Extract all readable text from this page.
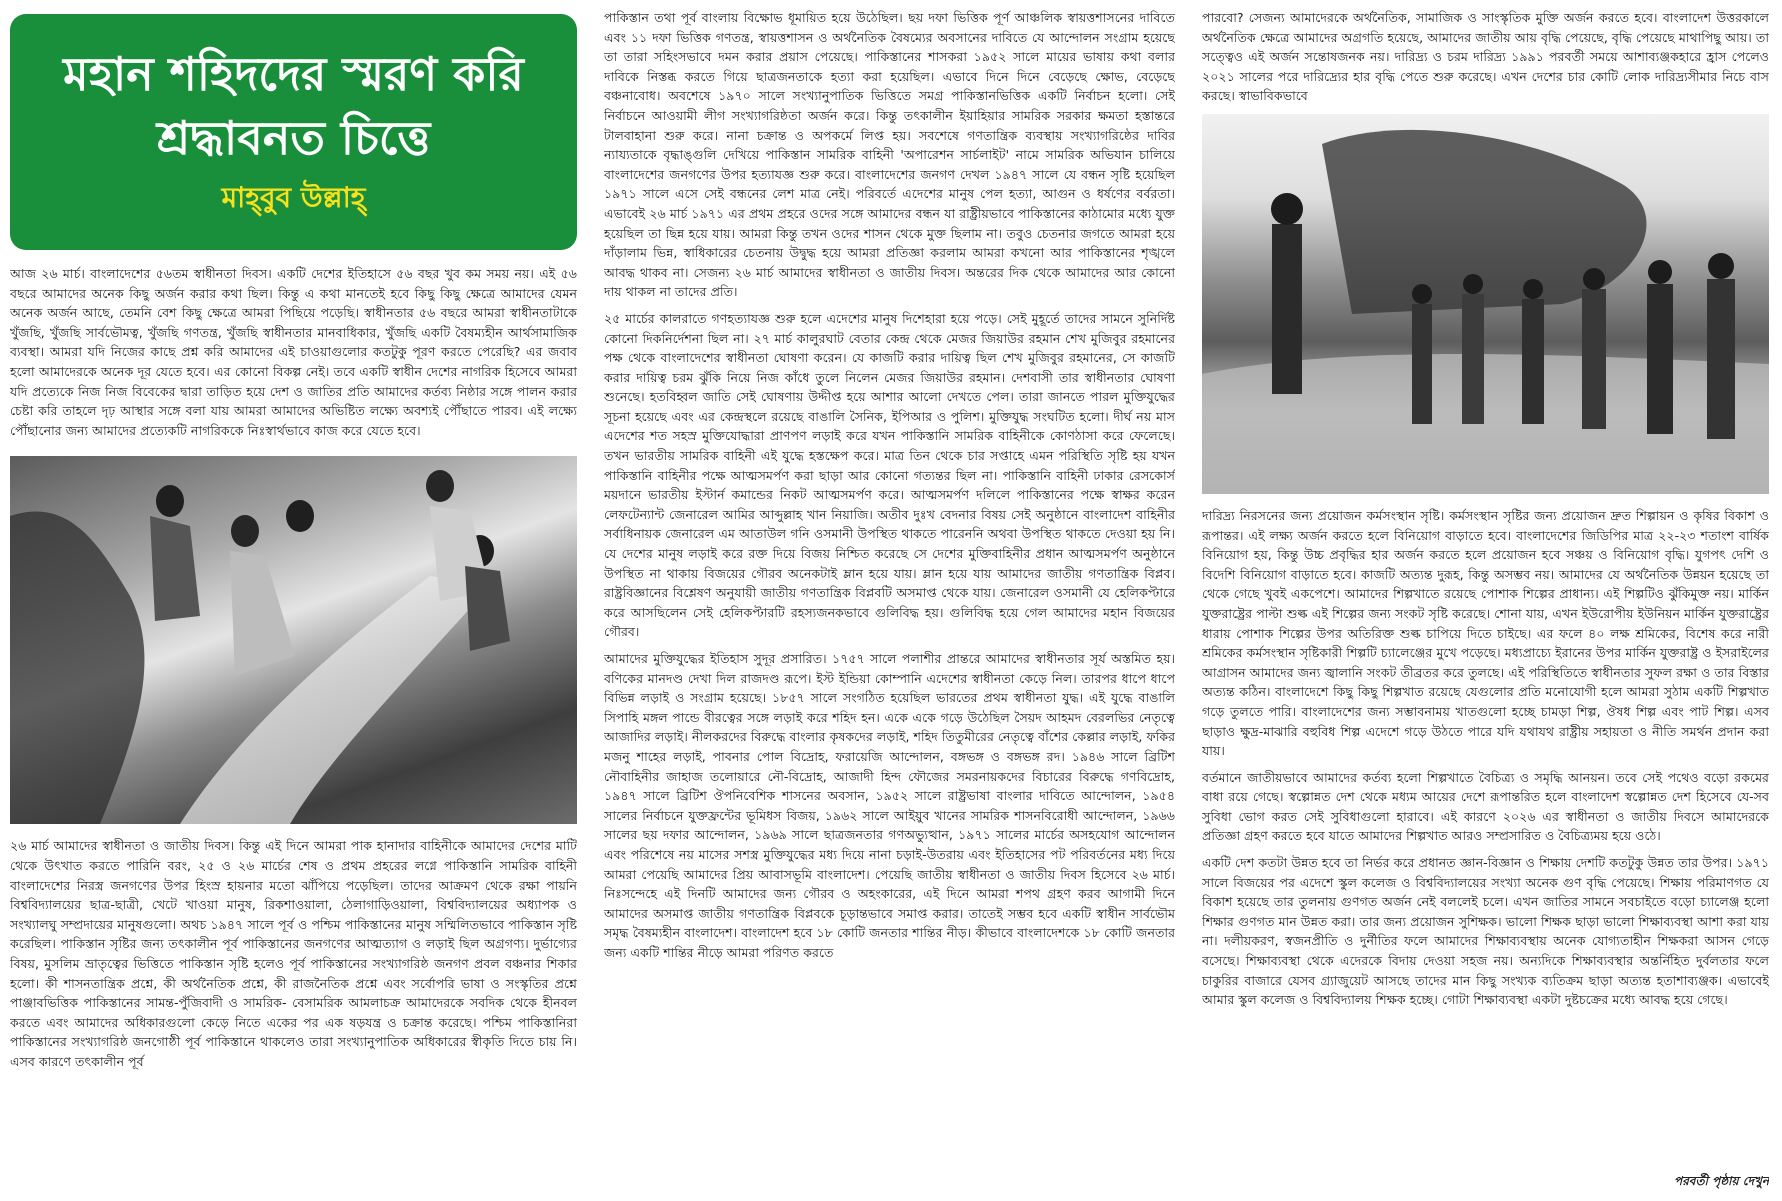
মহান শহিদদের স্মরণ করি
শ্রদ্ধাবনত চিত্তে
মাহ্‌বুব উল্লাহ্‌

আজ ২৬ মার্চ। বাংলাদেশের ৫৬তম স্বাধীনতা দিবস। একটি দেশের ইতিহাসে ৫৬ বছর খুব কম সময় নয়। এই ৫৬ বছরে আমাদের অনেক কিছু অর্জন করার কথা ছিল। কিন্তু এ কথা মানতেই হবে কিছু কিছু ক্ষেত্রে আমাদের যেমন অনেক অর্জন আছে, তেমনি বেশ কিছু ক্ষেত্রে আমরা পিছিয়ে পড়েছি। স্বাধীনতার ৫৬ বছরে আমরা স্বাধীনতাটাকে খুঁজছি, খুঁজছি সার্বভৌমত্ব, খুঁজছি গণতন্ত্র, খুঁজছি স্বাধীনতার মানবাধিকার, খুঁজছি একটি বৈষম্যহীন আর্থসামাজিক ব্যবস্থা। আমরা যদি নিজের কাছে প্রশ্ন করি আমাদের এই চাওয়াগুলোর কতটুকু পূরণ করতে পেরেছি? এর জবাব হলো আমাদেরকে অনেক দূর যেতে হবে। এর কোনো বিকল্প নেই। তবে একটি স্বাধীন দেশের নাগরিক হিসেবে আমরা যদি প্রত্যেকে নিজ নিজ বিবেকের দ্বারা তাড়িত হয়ে দেশ ও জাতির প্রতি আমাদের কর্তব্য নিষ্ঠার সঙ্গে পালন করার চেষ্টা করি তাহলে দৃঢ় আস্থার সঙ্গে বলা যায় আমরা আমাদের অভিষ্টিত লক্ষ্যে অবশ্যই পৌঁছাতে পারব। এই লক্ষ্যে পৌঁছানোর জন্য আমাদের প্রত্যেকটি নাগরিককে নিঃস্বার্থভাবে কাজ করে যেতে হবে।

২৬ মার্চ আমাদের স্বাধীনতা ও জাতীয় দিবস। কিন্তু এই দিনে আমরা পাক হানাদার বাহিনীকে আমাদের দেশের মাটি থেকে উৎখাত করতে পারিনি বরং, ২৫ ও ২৬ মার্চের শেষ ও প্রথম প্রহরের লগ্নে পাকিস্তানি সামরিক বাহিনী বাংলাদেশের নিরস্ত্র জনগণের উপর হিংস্র হায়নার মতো ঝাঁপিয়ে পড়েছিল। তাদের আক্রমণ থেকে রক্ষা পায়নি বিশ্ববিদ্যালয়ের ছাত্র-ছাত্রী, খেটে খাওয়া মানুষ, রিকশাওয়ালা, ঠেলাগাড়িওয়ালা, বিশ্ববিদ্যালয়ের অধ্যাপক ও সংখ্যালঘু সম্প্রদায়ের মানুষগুলো। অথচ ১৯৪৭ সালে পূর্ব ও পশ্চিম পাকিস্তানের মানুষ সম্মিলিতভাবে পাকিস্তান সৃষ্টি করেছিল। পাকিস্তান সৃষ্টির জন্য তৎকালীন পূর্ব পাকিস্তানের জনগণের আত্মত্যাগ ও লড়াই ছিল অগ্রগণ্য। দুর্ভাগ্যের বিষয়, মুসলিম ভ্রাতৃত্বের ভিত্তিতে পাকিস্তান সৃষ্টি হলেও পূর্ব পাকিস্তানের সংখ্যাগরিষ্ঠ জনগণ প্রবল বঞ্চনার শিকার হলো। কী শাসনতান্ত্রিক প্রশ্নে, কী অর্থনৈতিক প্রশ্নে, কী রাজনৈতিক প্রশ্নে এবং সর্বোপরি ভাষা ও সংস্কৃতির প্রশ্নে পাঞ্জাবভিত্তিক পাকিস্তানের সামন্ত-পুঁজিবাদী ও সামরিক- বেসামরিক আমলাচক্র আমাদেরকে সবদিক থেকে হীনবল করতে এবং আমাদের অধিকারগুলো কেড়ে নিতে একের পর এক ষড়যন্ত্র ও চক্রান্ত করেছে। পশ্চিম পাকিস্তানিরা পাকিস্তানের সংখ্যাগরিষ্ঠ জনগোষ্ঠী পূর্ব পাকিস্তানে থাকলেও তারা সংখ্যানুপাতিক অধিকারের স্বীকৃতি দিতে চায় নি। এসব কারণে তৎকালীন পূর্ব

পাকিস্তান তথা পূর্ব বাংলায় বিক্ষোভ ধূমায়িত হয়ে উঠেছিল। ছয় দফা ভিত্তিক পূর্ণ আঞ্চলিক স্বায়ত্তশাসনের দাবিতে এবং ১১ দফা ভিত্তিক গণতন্ত্র, স্বায়ত্তশাসন ও অর্থনৈতিক বৈষম্যের অবসানের দাবিতে যে আন্দোলন সংগ্রাম হয়েছে তা তারা সহিংসভাবে দমন করার প্রয়াস পেয়েছে। পাকিস্তানের শাসকরা ১৯৫২ সালে মায়ের ভাষায় কথা বলার দাবিকে নিস্তব্ধ করতে গিয়ে ছাত্রজনতাকে হত্যা করা হয়েছিল। এভাবে দিনে দিনে বেড়েছে ক্ষোভ, বেড়েছে বঞ্চনাবোধ। অবশেষে ১৯৭০ সালে সংখ্যানুপাতিক ভিত্তিতে সমগ্র পাকিস্তানভিত্তিক একটি নির্বাচন হলো। সেই নির্বাচনে আওয়ামী লীগ সংখ্যাগরিষ্ঠতা অর্জন করে। কিন্তু তৎকালীন ইয়াহিয়ার সামরিক সরকার ক্ষমতা হস্তান্তরে টালবাহানা শুরু করে। নানা চক্রান্ত ও অপকর্মে লিপ্ত হয়। সবশেষে গণতান্ত্রিক ব্যবস্থায় সংখ্যাগরিষ্ঠের দাবির ন্যায্যতাকে বৃদ্ধাঙ্গুলি দেখিয়ে পাকিস্তান সামরিক বাহিনী 'অপারেশন সার্চলাইট' নামে সামরিক অভিযান চালিয়ে বাংলাদেশের জনগণের উপর হত্যাযজ্ঞ শুরু করে। বাংলাদেশের জনগণ দেখল ১৯৪৭ সালে যে বন্ধন সৃষ্টি হয়েছিল ১৯৭১ সালে এসে সেই বন্ধনের লেশ মাত্র নেই। পরিবর্তে এদেশের মানুষ পেল হত্যা, আগুন ও ধর্ষণের বর্বরতা। এভাবেই ২৬ মার্চ ১৯৭১ এর প্রথম প্রহরে ওদের সঙ্গে আমাদের বন্ধন যা রাষ্ট্রীয়ভাবে পাকিস্তানের কাঠামোর মধ্যে যুক্ত হয়েছিল তা ছিন্ন হয়ে যায়। আমরা কিন্তু তখন ওদের শাসন থেকে মুক্ত ছিলাম না। তবুও চেতনার জগতে আমরা হয়ে দাঁড়ালাম ভিন্ন, স্বাধিকারের চেতনায় উদ্বুদ্ধ হয়ে আমরা প্রতিজ্ঞা করলাম আমরা কখনো আর পাকিস্তানের শৃঙ্খলে আবদ্ধ থাকব না। সেজন্য ২৬ মার্চ আমাদের স্বাধীনতা ও জাতীয় দিবস। অন্তরের দিক থেকে আমাদের আর কোনো দায় থাকল না তাদের প্রতি।

২৫ মার্চের কালরাতে গণহত্যাযজ্ঞ শুরু হলে এদেশের মানুষ দিশেহারা হয়ে পড়ে। সেই মুহূর্তে তাদের সামনে সুনির্দিষ্ট কোনো দিকনির্দেশনা ছিল না। ২৭ মার্চ কালুরঘাট বেতার কেন্দ্র থেকে মেজর জিয়াউর রহমান শেখ মুজিবুর রহমানের পক্ষ থেকে বাংলাদেশের স্বাধীনতা ঘোষণা করেন। যে কাজটি করার দায়িত্ব ছিল শেখ মুজিবুর রহমানের, সে কাজটি করার দায়িত্ব চরম ঝুঁকি নিয়ে নিজ কাঁধে তুলে নিলেন মেজর জিয়াউর রহমান। দেশবাসী তার স্বাধীনতার ঘোষণা শুনেছে। হতবিহ্বল জাতি সেই ঘোষণায় উদ্দীপ্ত হয়ে আশার আলো দেখতে পেল। তারা জানতে পারল মুক্তিযুদ্ধের সূচনা হয়েছে এবং এর কেন্দ্রস্থলে রয়েছে বাঙালি সৈনিক, ইপিআর ও পুলিশ। মুক্তিযুদ্ধ সংঘটিত হলো। দীর্ঘ নয় মাস এদেশের শত সহস্র মুক্তিযোদ্ধারা প্রাণপণ লড়াই করে যখন পাকিস্তানি সামরিক বাহিনীকে কোণঠাসা করে ফেলেছে। তখন ভারতীয় সামরিক বাহিনী এই যুদ্ধে হস্তক্ষেপ করে। মাত্র তিন থেকে চার সপ্তাহে এমন পরিস্থিতি সৃষ্টি হয় যখন পাকিস্তানি বাহিনীর পক্ষে আত্মসমর্পণ করা ছাড়া আর কোনো গত্যন্তর ছিল না। পাকিস্তানি বাহিনী ঢাকার রেসকোর্স ময়দানে ভারতীয় ইস্টার্ন কমান্ডের নিকট আত্মসমর্পণ করে। আত্মসমর্পণ দলিলে পাকিস্তানের পক্ষে স্বাক্ষর করেন লেফটেন্যান্ট জেনারেল আমির আব্দুল্লাহ খান নিয়াজি। অতীব দুঃখ বেদনার বিষয় সেই অনুষ্ঠানে বাংলাদেশ বাহিনীর সর্বাধিনায়ক জেনারেল এম আতাউল গনি ওসমানী উপস্থিত থাকতে পারেননি অথবা উপস্থিত থাকতে দেওয়া হয় নি। যে দেশের মানুষ লড়াই করে রক্ত দিয়ে বিজয় নিশ্চিত করেছে সে দেশের মুক্তিবাহিনীর প্রধান আত্মসমর্পণ অনুষ্ঠানে উপস্থিত না থাকায় বিজয়ের গৌরব অনেকটাই ম্লান হয়ে যায়। ম্লান হয়ে যায় আমাদের জাতীয় গণতান্ত্রিক বিপ্লব। রাষ্ট্রবিজ্ঞানের বিশ্লেষণ অনুযায়ী জাতীয় গণতান্ত্রিক বিপ্লবটি অসমাপ্ত থেকে যায়। জেনারেল ওসমানী যে হেলিকপ্টারে করে আসছিলেন সেই হেলিকপ্টারটি রহস্যজনকভাবে গুলিবিদ্ধ হয়। গুলিবিদ্ধ হয়ে গেল আমাদের মহান বিজয়ের গৌরব।

আমাদের মুক্তিযুদ্ধের ইতিহাস সুদূর প্রসারিত। ১৭৫৭ সালে পলাশীর প্রান্তরে আমাদের স্বাধীনতার সূর্য অস্তমিত হয়। বণিকের মানদণ্ড দেখা দিল রাজদণ্ড রূপে। ইস্ট ইন্ডিয়া কোম্পানি এদেশের স্বাধীনতা কেড়ে নিল। তারপর ধাপে ধাপে বিভিন্ন লড়াই ও সংগ্রাম হয়েছে। ১৮৫৭ সালে সংগঠিত হয়েছিল ভারতের প্রথম স্বাধীনতা যুদ্ধ। এই যুদ্ধে বাঙালি সিপাহি মঙ্গল পান্ডে বীরত্বের সঙ্গে লড়াই করে শহিদ হন। একে একে গড়ে উঠেছিল সৈয়দ আহমদ বেরলভির নেতৃত্বে আজাদির লড়াই। নীলকরদের বিরুদ্ধে বাংলার কৃষকদের লড়াই, শহিদ তিতুমীরের নেতৃত্বে বাঁশের কেল্লার লড়াই, ফকির মজনু শাহের লড়াই, পাবনার পোল বিদ্রোহ, ফরায়েজি আন্দোলন, বঙ্গভঙ্গ ও বঙ্গভঙ্গ রদ। ১৯৪৬ সালে ব্রিটিশ নৌবাহিনীর জাহাজ তলোয়ারে নৌ-বিদ্রোহ, আজাদী হিন্দ ফৌজের সমরনায়কদের বিচারের বিরুদ্ধে গণবিদ্রোহ, ১৯৪৭ সালে ব্রিটিশ ঔপনিবেশিক শাসনের অবসান, ১৯৫২ সালে রাষ্ট্রভাষা বাংলার দাবিতে আন্দোলন, ১৯৫৪ সালের নির্বাচনে যুক্তফ্রন্টের ভূমিধস বিজয়, ১৯৬২ সালে আইয়ুব খানের সামরিক শাসনবিরোধী আন্দোলন, ১৯৬৬ সালের ছয় দফার আন্দোলন, ১৯৬৯ সালে ছাত্রজনতার গণঅভ্যুত্থান, ১৯৭১ সালের মার্চের অসহযোগ আন্দোলন এবং পরিশেষে নয় মাসের সশস্ত্র মুক্তিযুদ্ধের মধ্য দিয়ে নানা চড়াই-উতরায় এবং ইতিহাসের পট পরিবর্তনের মধ্য দিয়ে আমরা পেয়েছি আমাদের প্রিয় আবাসভূমি বাংলাদেশ। পেয়েছি জাতীয় স্বাধীনতা ও জাতীয় দিবস হিসেবে ২৬ মার্চ। নিঃসন্দেহে এই দিনটি আমাদের জন্য গৌরব ও অহংকারের, এই দিনে আমরা শপথ গ্রহণ করব আগামী দিনে আমাদের অসমাপ্ত জাতীয় গণতান্ত্রিক বিপ্লবকে চূড়ান্তভাবে সমাপ্ত করার। তাতেই সম্ভব হবে একটি স্বাধীন সার্বভৌম সমৃদ্ধ বৈষম্যহীন বাংলাদেশ। বাংলাদেশ হবে ১৮ কোটি জনতার শান্তির নীড়। কীভাবে বাংলাদেশকে ১৮ কোটি জনতার জন্য একটি শান্তির নীড়ে আমরা পরিণত করতে

পারবো? সেজন্য আমাদেরকে অর্থনৈতিক, সামাজিক ও সাংস্কৃতিক মুক্তি অর্জন করতে হবে। বাংলাদেশ উত্তরকালে অর্থনৈতিক ক্ষেত্রে আমাদের অগ্রগতি হয়েছে, আমাদের জাতীয় আয় বৃদ্ধি পেয়েছে, বৃদ্ধি পেয়েছে মাথাপিছু আয়। তা সত্ত্বেও এই অর্জন সন্তোষজনক নয়। দারিদ্র্য ও চরম দারিদ্র্য ১৯৯১ পরবর্তী সময়ে আশাব্যঞ্জকহারে হ্রাস পেলেও ২০২১ সালের পরে দারিদ্র্যের হার বৃদ্ধি পেতে শুরু করেছে। এখন দেশের চার কোটি লোক দারিদ্র্যসীমার নিচে বাস করছে। স্বাভাবিকভাবে

দারিদ্র্য নিরসনের জন্য প্রয়োজন কর্মসংস্থান সৃষ্টি। কর্মসংস্থান সৃষ্টির জন্য প্রয়োজন দ্রুত শিল্পায়ন ও কৃষির বিকাশ ও রূপান্তর। এই লক্ষ্য অর্জন করতে হলে বিনিয়োগ বাড়াতে হবে। বাংলাদেশের জিডিপির মাত্র ২২-২৩ শতাংশ বার্ষিক বিনিয়োগ হয়, কিন্তু উচ্চ প্রবৃদ্ধির হার অর্জন করতে হলে প্রয়োজন হবে সঞ্চয় ও বিনিয়োগ বৃদ্ধি। যুগপৎ দেশি ও বিদেশি বিনিয়োগ বাড়াতে হবে। কাজটি অত্যন্ত দুরূহ, কিন্তু অসম্ভব নয়। আমাদের যে অর্থনৈতিক উন্নয়ন হয়েছে তা থেকে গেছে খুবই একপেশে। আমাদের শিল্পখাতে রয়েছে পোশাক শিল্পের প্রাধান্য। এই শিল্পটিও ঝুঁকিমুক্ত নয়। মার্কিন যুক্তরাষ্ট্রের পাল্টা শুল্ক এই শিল্পের জন্য সংকট সৃষ্টি করেছে। শোনা যায়, এখন ইউরোপীয় ইউনিয়ন মার্কিন যুক্তরাষ্ট্রের ধারায় পোশাক শিল্পের উপর অতিরিক্ত শুল্ক চাপিয়ে দিতে চাইছে। এর ফলে ৪০ লক্ষ শ্রমিকের, বিশেষ করে নারী শ্রমিকের কর্মসংস্থান সৃষ্টিকারী শিল্পটি চ্যালেঞ্জের মুখে পড়েছে। মধ্যপ্রাচ্যে ইরানের উপর মার্কিন যুক্তরাষ্ট্র ও ইসরাইলের আগ্রাসন আমাদের জন্য জ্বালানি সংকট তীব্রতর করে তুলছে। এই পরিস্থিতিতে স্বাধীনতার সুফল রক্ষা ও তার বিস্তার অত্যন্ত কঠিন। বাংলাদেশে কিছু কিছু শিল্পখাত রয়েছে যেগুলোর প্রতি মনোযোগী হলে আমরা সুঠাম একটি শিল্পখাত গড়ে তুলতে পারি। বাংলাদেশের জন্য সম্ভাবনাময় খাতগুলো হচ্ছে চামড়া শিল্প, ঔষধ শিল্প এবং পাট শিল্প। এসব ছাড়াও ক্ষুদ্র-মাঝারি বহুবিধ শিল্প এদেশে গড়ে উঠতে পারে যদি যথাযথ রাষ্ট্রীয় সহায়তা ও নীতি সমর্থন প্রদান করা যায়।

বর্তমানে জাতীয়ভাবে আমাদের কর্তব্য হলো শিল্পখাতে বৈচিত্র্য ও সমৃদ্ধি আনয়ন। তবে সেই পথেও বড়ো রকমের বাধা রয়ে গেছে। স্বল্পোন্নত দেশ থেকে মধ্যম আয়ের দেশে রূপান্তরিত হলে বাংলাদেশ স্বল্পোন্নত দেশ হিসেবে যে-সব সুবিধা ভোগ করত সেই সুবিধাগুলো হারাবে। এই কারণে ২০২৬ এর স্বাধীনতা ও জাতীয় দিবসে আমাদেরকে প্রতিজ্ঞা গ্রহণ করতে হবে যাতে আমাদের শিল্পখাত আরও সম্প্রসারিত ও বৈচিত্র্যময় হয়ে ওঠে।

একটি দেশ কতটা উন্নত হবে তা নির্ভর করে প্রধানত জ্ঞান-বিজ্ঞান ও শিক্ষায় দেশটি কতটুকু উন্নত তার উপর। ১৯৭১ সালে বিজয়ের পর এদেশে স্কুল কলেজ ও বিশ্ববিদ্যালয়ের সংখ্যা অনেক গুণ বৃদ্ধি পেয়েছে। শিক্ষায় পরিমাণগত যে বিকাশ হয়েছে তার তুলনায় গুণগত অর্জন নেই বললেই চলে। এখন জাতির সামনে সবচাইতে বড়ো চ্যালেঞ্জ হলো শিক্ষার গুণগত মান উন্নত করা। তার জন্য প্রয়োজন সুশিক্ষক। ভালো শিক্ষক ছাড়া ভালো শিক্ষাব্যবস্থা আশা করা যায় না। দলীয়করণ, স্বজনপ্রীতি ও দুর্নীতির ফলে আমাদের শিক্ষাব্যবস্থায় অনেক যোগ্যতাহীন শিক্ষকরা আসন গেড়ে বসেছে। শিক্ষাব্যবস্থা থেকে এদেরকে বিদায় দেওয়া সহজ নয়। অন্যদিকে শিক্ষাব্যবস্থার অন্তর্নিহিত দুর্বলতার ফলে চাকুরির বাজারে যেসব গ্র্যাজুয়েট আসছে তাদের মান কিছু সংখ্যক ব্যতিক্রম ছাড়া অত্যন্ত হতাশাব্যঞ্জক। এভাবেই আমার স্কুল কলেজ ও বিশ্ববিদ্যালয় শিক্ষক হচ্ছে। গোটা শিক্ষাব্যবস্থা একটা দুষ্টচক্রের মধ্যে আবদ্ধ হয়ে গেছে।

পরবর্তী পৃষ্ঠায় দেখুন
